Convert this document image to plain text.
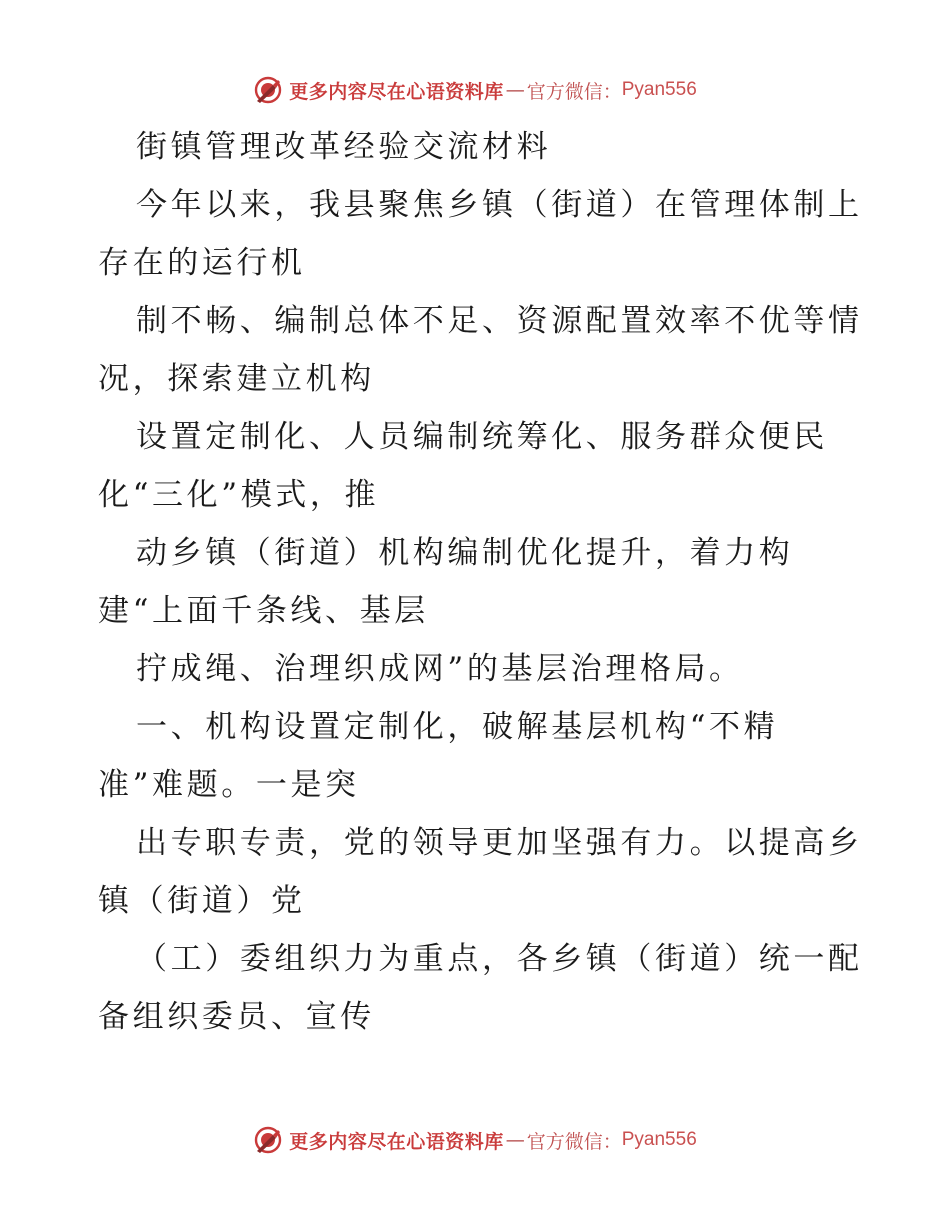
更多内容尽在心语资料库 — 官方微信： Pyan556
街镇管理改革经验交流材料
今年以来，我县聚焦乡镇（街道）在管理体制上
存在的运行机
制不畅、编制总体不足、资源配置效率不优等情
况，探索建立机构
设置定制化、人员编制统筹化、服务群众便民
化“三化”模式，推
动乡镇（街道）机构编制优化提升，着力构
建“上面千条线、基层
拧成绳、治理织成网”的基层治理格局。
一、机构设置定制化，破解基层机构“不精
准”难题。一是突
出专职专责，党的领导更加坚强有力。以提高乡
镇（街道）党
（工）委组织力为重点，各乡镇（街道）统一配
备组织委员、宣传
更多内容尽在心语资料库 — 官方微信： Pyan556
